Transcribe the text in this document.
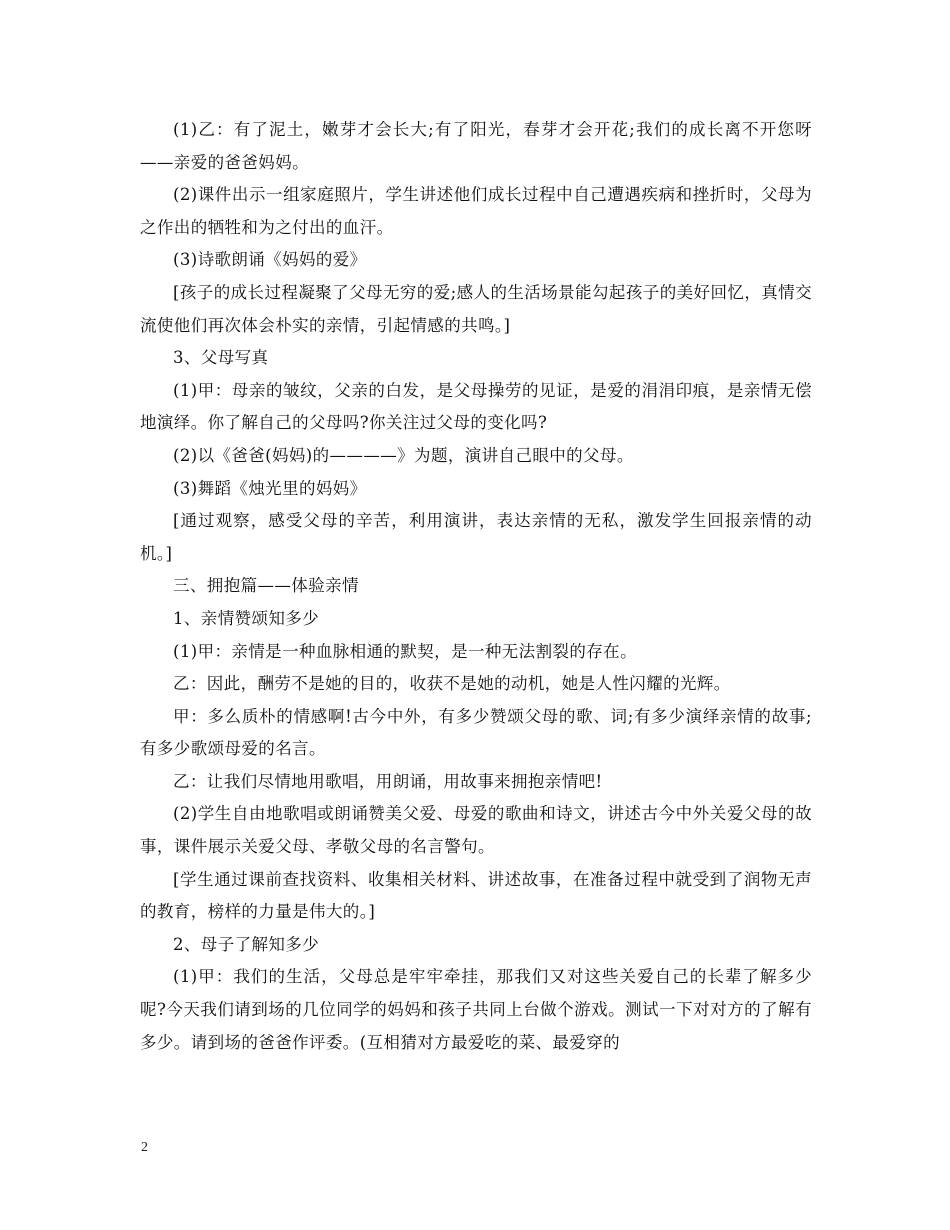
(1)乙：有了泥土，嫩芽才会长大;有了阳光，春芽才会开花;我们的成长离不开您呀——亲爱的爸爸妈妈。

(2)课件出示一组家庭照片，学生讲述他们成长过程中自己遭遇疾病和挫折时，父母为之作出的牺牲和为之付出的血汗。

(3)诗歌朗诵《妈妈的爱》

[孩子的成长过程凝聚了父母无穷的爱;感人的生活场景能勾起孩子的美好回忆，真情交流使他们再次体会朴实的亲情，引起情感的共鸣。]

3、父母写真

(1)甲：母亲的皱纹，父亲的白发，是父母操劳的见证，是爱的涓涓印痕，是亲情无偿地演绎。你了解自己的父母吗?你关注过父母的变化吗?

(2)以《爸爸(妈妈)的————》为题，演讲自己眼中的父母。

(3)舞蹈《烛光里的妈妈》

[通过观察，感受父母的辛苦，利用演讲，表达亲情的无私，激发学生回报亲情的动机。]

三、拥抱篇——体验亲情

1、亲情赞颂知多少

(1)甲：亲情是一种血脉相通的默契，是一种无法割裂的存在。

乙：因此，酬劳不是她的目的，收获不是她的动机，她是人性闪耀的光辉。

甲：多么质朴的情感啊!古今中外，有多少赞颂父母的歌、词;有多少演绎亲情的故事;有多少歌颂母爱的名言。

乙：让我们尽情地用歌唱，用朗诵，用故事来拥抱亲情吧!

(2)学生自由地歌唱或朗诵赞美父爱、母爱的歌曲和诗文，讲述古今中外关爱父母的故事，课件展示关爱父母、孝敬父母的名言警句。

[学生通过课前查找资料、收集相关材料、讲述故事，在准备过程中就受到了润物无声的教育，榜样的力量是伟大的。]

2、母子了解知多少

(1)甲：我们的生活，父母总是牢牢牵挂，那我们又对这些关爱自己的长辈了解多少呢?今天我们请到场的几位同学的妈妈和孩子共同上台做个游戏。测试一下对对方的了解有多少。请到场的爸爸作评委。(互相猜对方最爱吃的菜、最爱穿的

2
